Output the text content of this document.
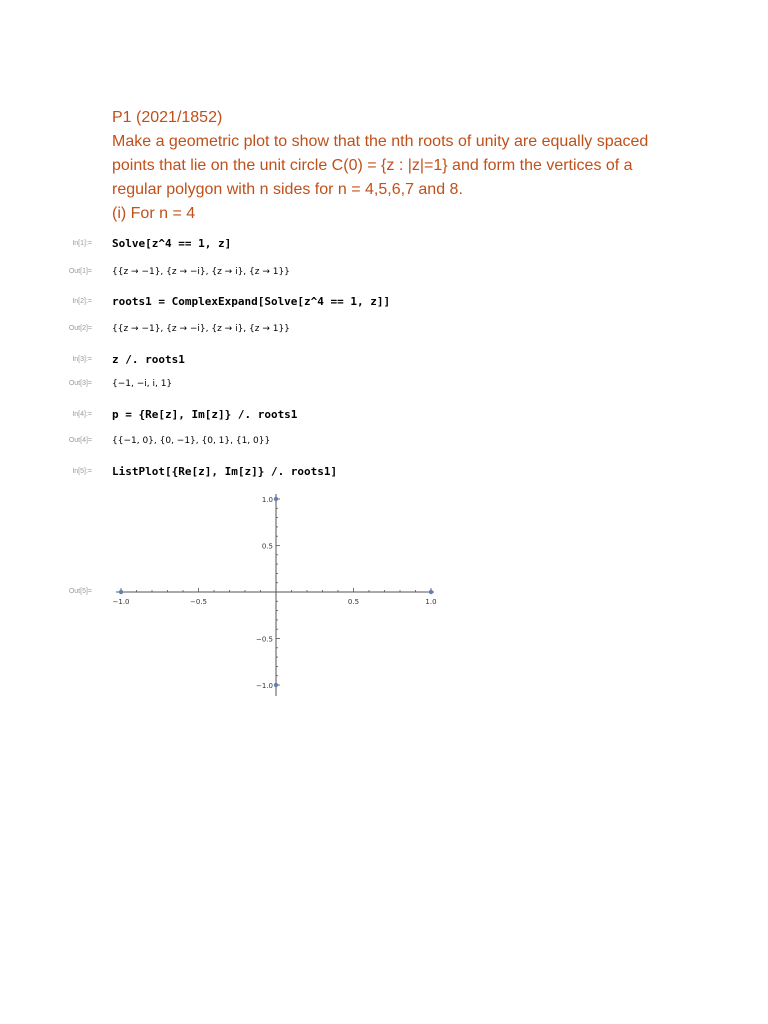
P1 (2021/1852)
Make a geometric plot to show that the nth roots of unity are equally spaced
points that lie on the unit circle C(0) = {z : |z|=1} and form the vertices of a
regular polygon with n sides for n = 4,5,6,7 and 8.
(i) For n = 4
In[1]:= Solve[z^4 == 1, z]
Out[1]= {{z → −1}, {z → −i}, {z → i}, {z → 1}}
In[2]:= roots1 = ComplexExpand[Solve[z^4 == 1, z]]
Out[2]= {{z → −1}, {z → −i}, {z → i}, {z → 1}}
In[3]:= z /. roots1
Out[3]= {−1, −i, i, 1}
In[4]:= p = {Re[z], Im[z]} /. roots1
Out[4]= {{−1, 0}, {0, −1}, {0, 1}, {1, 0}}
In[5]:= ListPlot[{Re[z], Im[z]} /. roots1]
Out[5]=
−1.0	−0.5	0.5	1.0
1.0
0.5
−0.5
−1.0
